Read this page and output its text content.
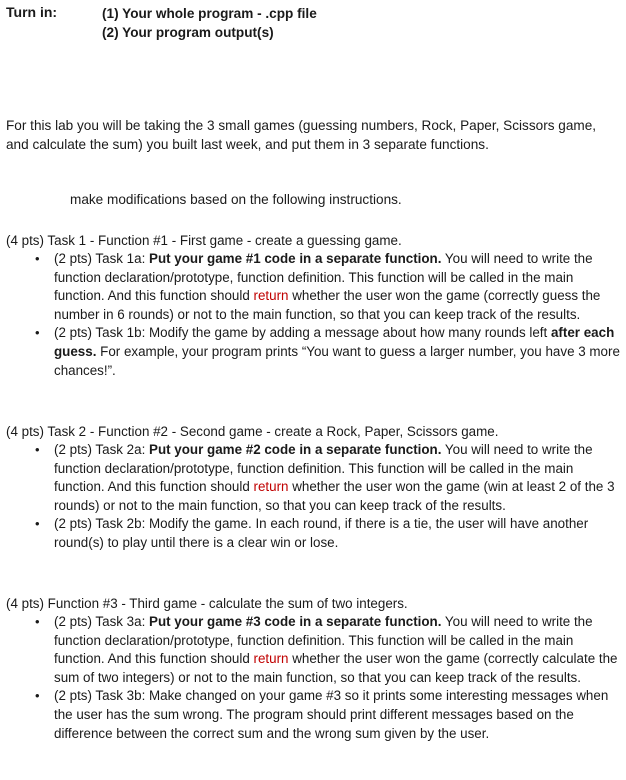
Turn in:	(1) Your whole program - .cpp file
(2) Your program output(s)
For this lab you will be taking the 3 small games (guessing numbers, Rock, Paper, Scissors game, and calculate the sum) you built last week, and put them in 3 separate functions.
make modifications based on the following instructions.
(4 pts) Task 1 - Function #1 - First game - create a guessing game.
• (2 pts) Task 1a: Put your game #1 code in a separate function. You will need to write the function declaration/prototype, function definition. This function will be called in the main function. And this function should return whether the user won the game (correctly guess the number in 6 rounds) or not to the main function, so that you can keep track of the results.
• (2 pts) Task 1b: Modify the game by adding a message about how many rounds left after each guess. For example, your program prints “You want to guess a larger number, you have 3 more chances!”.
(4 pts) Task 2 - Function #2 - Second game - create a Rock, Paper, Scissors game.
• (2 pts) Task 2a: Put your game #2 code in a separate function. You will need to write the function declaration/prototype, function definition. This function will be called in the main function. And this function should return whether the user won the game (win at least 2 of the 3 rounds) or not to the main function, so that you can keep track of the results.
• (2 pts) Task 2b: Modify the game. In each round, if there is a tie, the user will have another round(s) to play until there is a clear win or lose.
(4 pts) Function #3 - Third game - calculate the sum of two integers.
• (2 pts) Task 3a: Put your game #3 code in a separate function. You will need to write the function declaration/prototype, function definition. This function will be called in the main function. And this function should return whether the user won the game (correctly calculate the sum of two integers) or not to the main function, so that you can keep track of the results.
• (2 pts) Task 3b: Make changed on your game #3 so it prints some interesting messages when the user has the sum wrong. The program should print different messages based on the difference between the correct sum and the wrong sum given by the user.
